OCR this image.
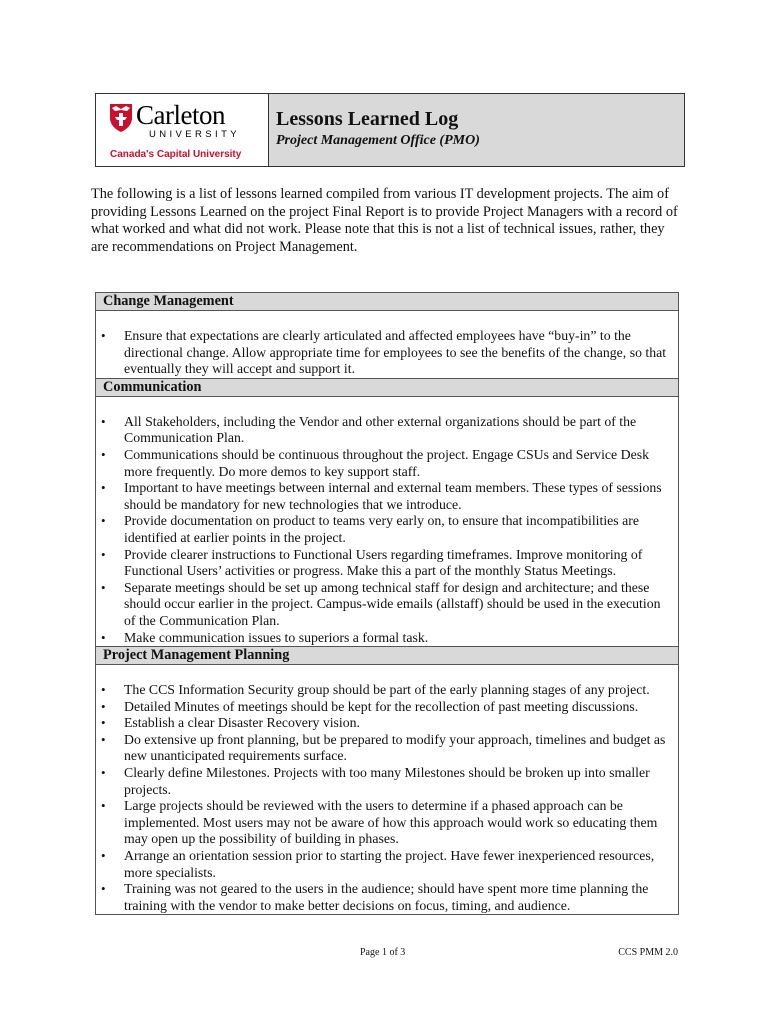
Carleton
UNIVERSITY
Canada's Capital University
Lessons Learned Log
Project Management Office (PMO)
The following is a list of lessons learned compiled from various IT development projects. The aim of providing Lessons Learned on the project Final Report is to provide Project Managers with a record of what worked and what did not work. Please note that this is not a list of technical issues, rather, they are recommendations on Project Management.
Change Management
• Ensure that expectations are clearly articulated and affected employees have “buy-in” to the directional change. Allow appropriate time for employees to see the benefits of the change, so that eventually they will accept and support it.
Communication
• All Stakeholders, including the Vendor and other external organizations should be part of the Communication Plan.
• Communications should be continuous throughout the project. Engage CSUs and Service Desk more frequently. Do more demos to key support staff.
• Important to have meetings between internal and external team members. These types of sessions should be mandatory for new technologies that we introduce.
• Provide documentation on product to teams very early on, to ensure that incompatibilities are identified at earlier points in the project.
• Provide clearer instructions to Functional Users regarding timeframes. Improve monitoring of Functional Users’ activities or progress. Make this a part of the monthly Status Meetings.
• Separate meetings should be set up among technical staff for design and architecture; and these should occur earlier in the project. Campus-wide emails (allstaff) should be used in the execution of the Communication Plan.
• Make communication issues to superiors a formal task.
Project Management Planning
• The CCS Information Security group should be part of the early planning stages of any project.
• Detailed Minutes of meetings should be kept for the recollection of past meeting discussions.
• Establish a clear Disaster Recovery vision.
• Do extensive up front planning, but be prepared to modify your approach, timelines and budget as new unanticipated requirements surface.
• Clearly define Milestones. Projects with too many Milestones should be broken up into smaller projects.
• Large projects should be reviewed with the users to determine if a phased approach can be implemented. Most users may not be aware of how this approach would work so educating them may open up the possibility of building in phases.
• Arrange an orientation session prior to starting the project. Have fewer inexperienced resources, more specialists.
• Training was not geared to the users in the audience; should have spent more time planning the training with the vendor to make better decisions on focus, timing, and audience.
Page 1 of 3	CCS PMM 2.0
